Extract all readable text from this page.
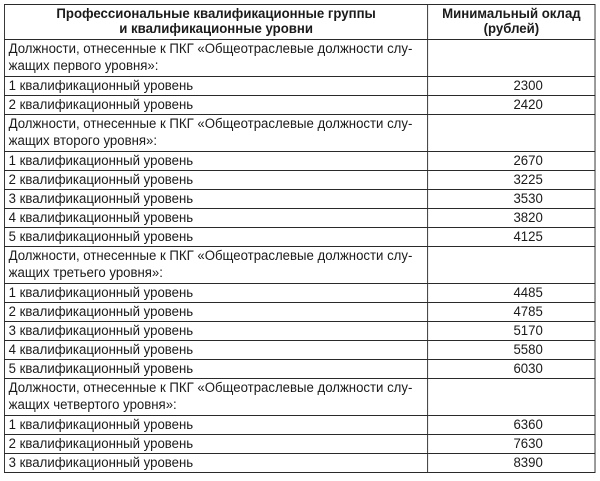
Профессиональные квалификационные группы
и квалификационные уровни	Минимальный оклад
(рублей)
Должности, отнесенные к ПКГ «Общеотраслевые должности слу-
жащих первого уровня»:	
1 квалификационный уровень	2300
2 квалификационный уровень	2420
Должности, отнесенные к ПКГ «Общеотраслевые должности слу-
жащих второго уровня»:	
1 квалификационный уровень	2670
2 квалификационный уровень	3225
3 квалификационный уровень	3530
4 квалификационный уровень	3820
5 квалификационный уровень	4125
Должности, отнесенные к ПКГ «Общеотраслевые должности слу-
жащих третьего уровня»:	
1 квалификационный уровень	4485
2 квалификационный уровень	4785
3 квалификационный уровень	5170
4 квалификационный уровень	5580
5 квалификационный уровень	6030
Должности, отнесенные к ПКГ «Общеотраслевые должности слу-
жащих четвертого уровня»:	
1 квалификационный уровень	6360
2 квалификационный уровень	7630
3 квалификационный уровень	8390
